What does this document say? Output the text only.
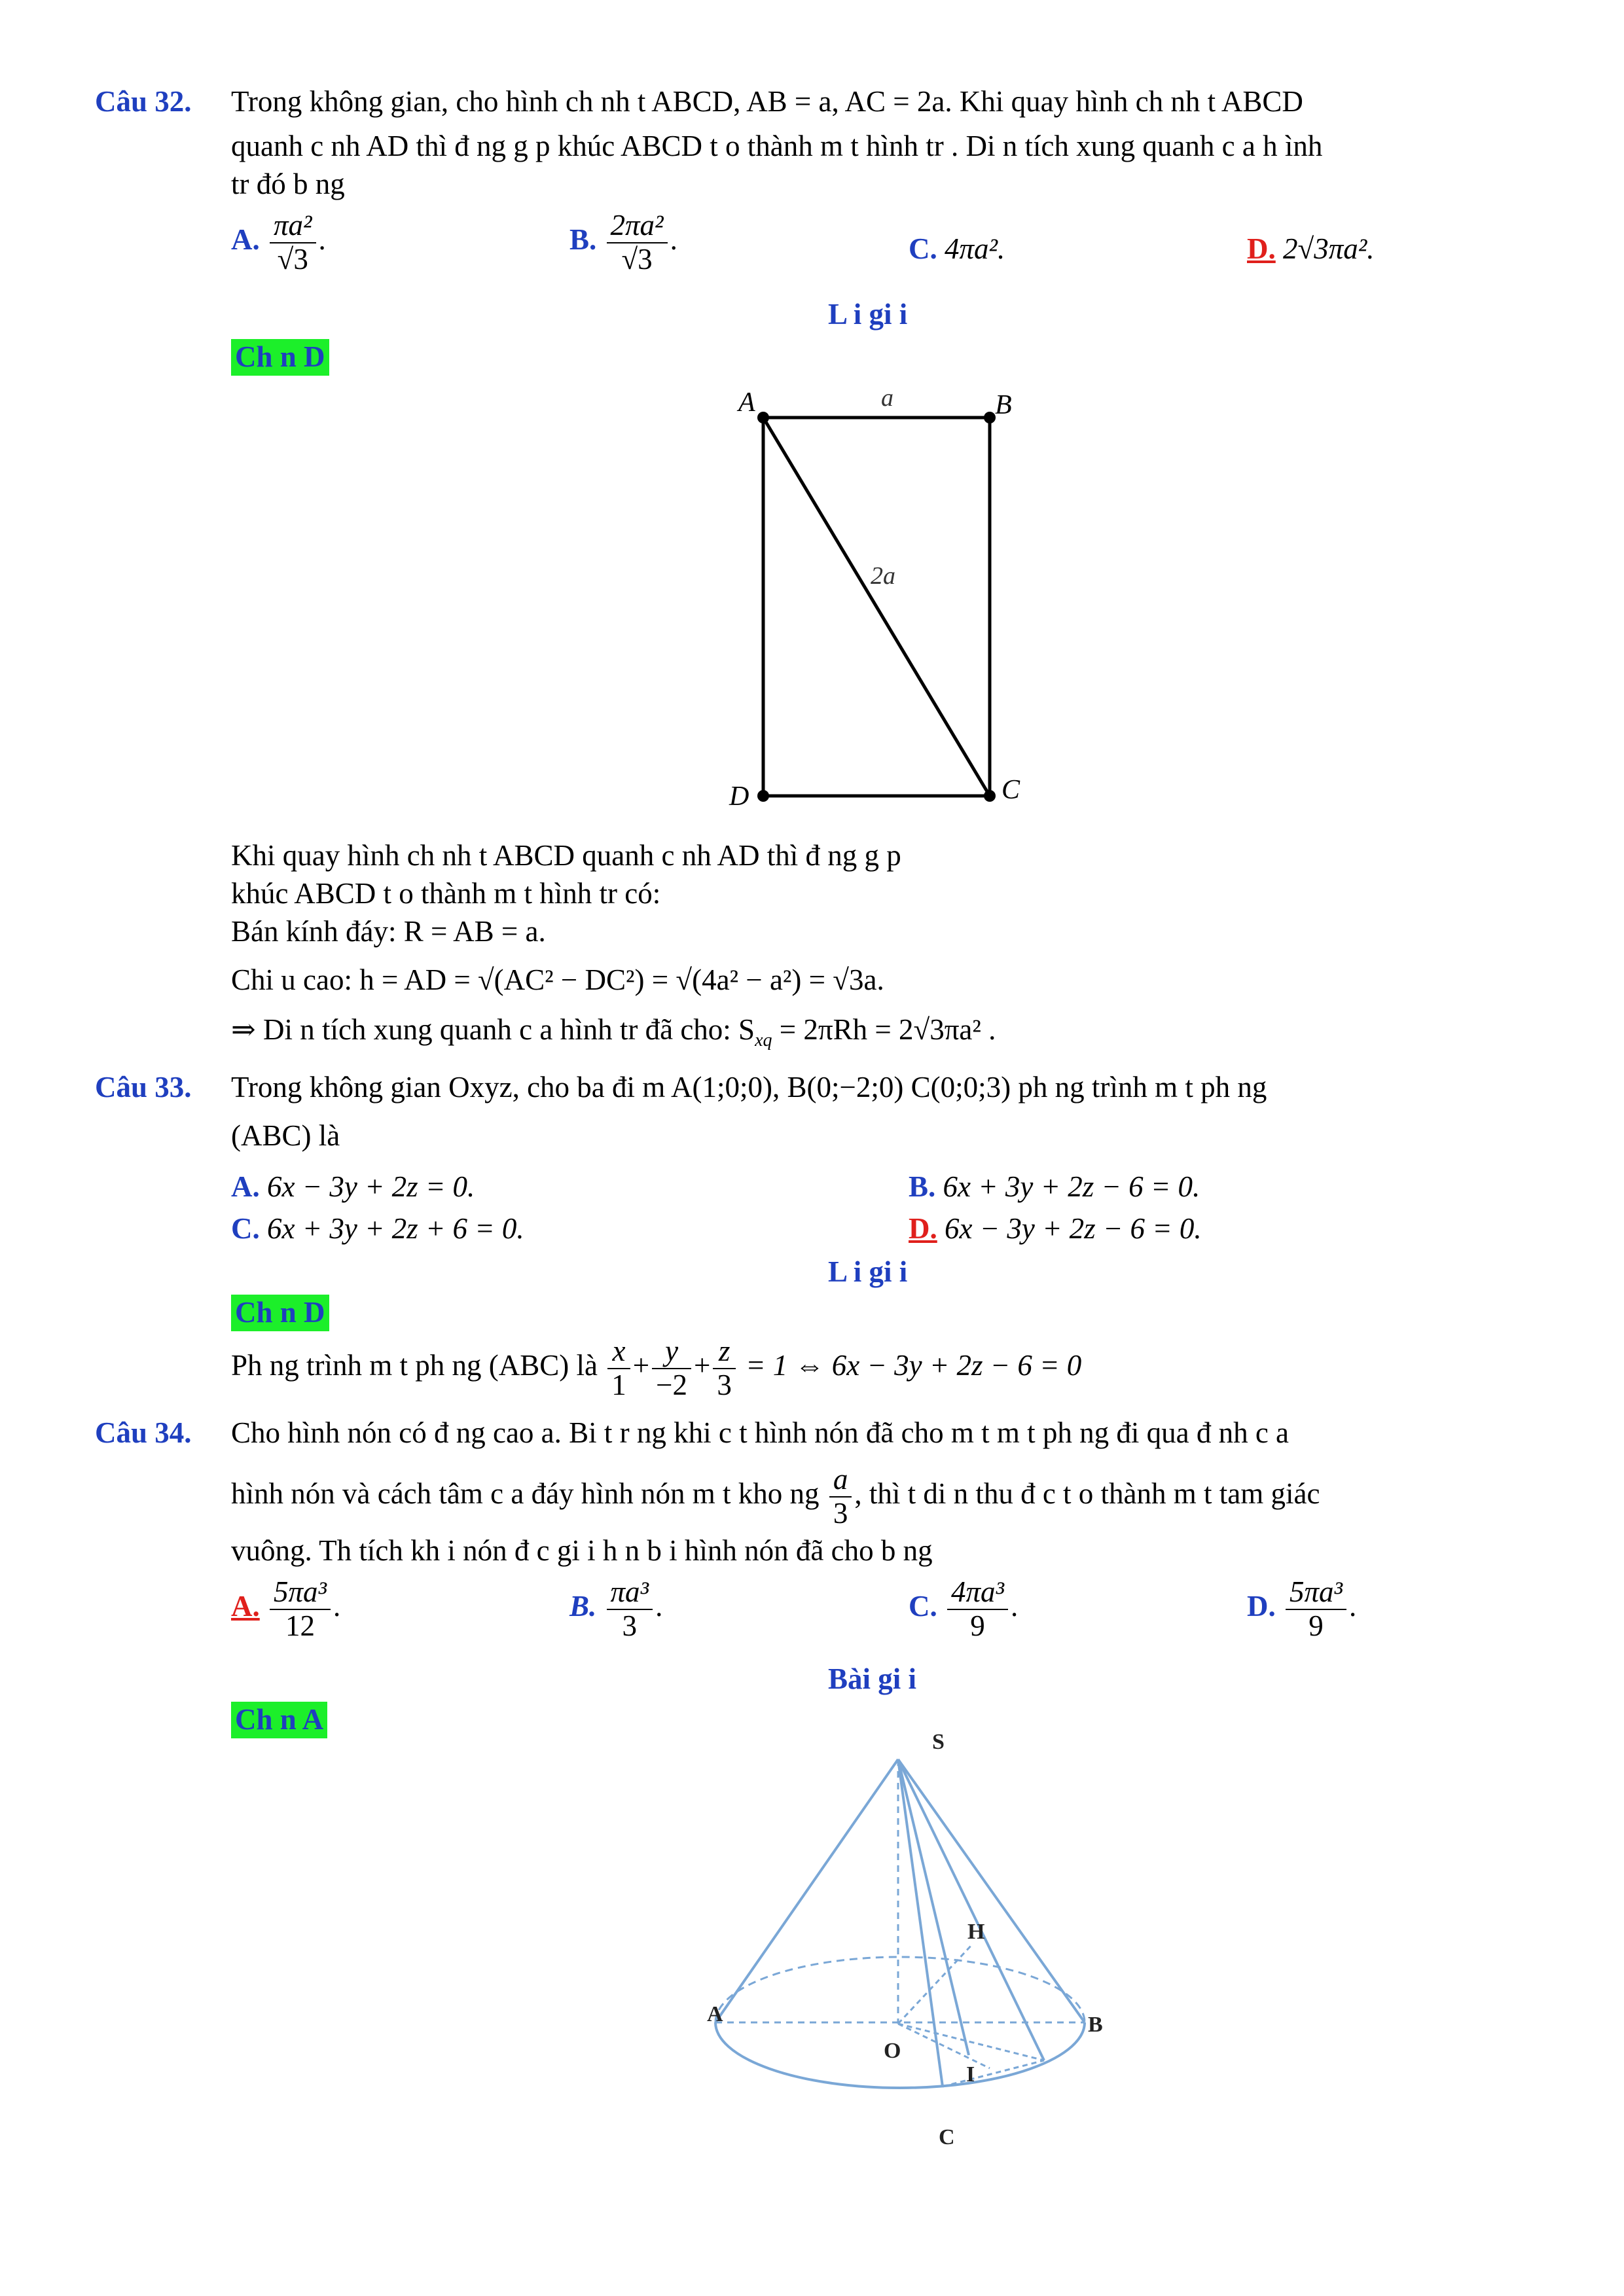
Câu 32. Trong không gian, cho hình ch nh t ABCD, AB = a, AC = 2a. Khi quay hình ch nh t ABCD
quanh c nh AD thì đ ng g p khúc ABCD t o thành m t hình tr . Di n tích xung quanh c a h ình
tr đó b ng
A. $\frac{\text{πa²}}{√3}$ .	B. $\frac{\text{2πa²}}{√3}$ .	C. 4πa².	D. 2√3πa².
L i gi i
Ch n D
A	B
C
D
a
2a
Khi quay hình ch nh t ABCD quanh c nh AD thì đ ng g p
khúc ABCD t o thành m t hình tr có:
Bán kính đáy: R = AB = a.
Chi u cao: h = AD = √(AC² − DC²) = √(4a² − a²) = √3a.
⇒ Di n tích xung quanh c a hình tr đã cho: $S_{xq} = 2\pi Rh = 2√3\pi a^2$ .
Câu 33. Trong không gian Oxyz, cho ba đi m A(1;0;0), B(0;−2;0) C(0;0;3) ph ng trình m t ph ng
(ABC) là
A. 6x − 3y + 2z = 0.	B. 6x + 3y + 2z − 6 = 0.
C. 6x + 3y + 2z + 6 = 0.	D. 6x − 3y + 2z − 6 = 0.
L i gi i
Ch n D
Ph ng trình m t ph ng (ABC) là $\frac{x}{1} + \frac{y}{-2} + \frac{z}{3} = 1$ ⇔ 6x − 3y + 2z − 6 = 0
Câu 34. Cho hình nón có đ ng cao a. Bi t r ng khi c t hình nón đã cho m t m t ph ng đi qua đ nh c a
hình nón và cách tâm c a đáy hình nón m t kho ng $\frac{a}{3}$ , thì t di n thu đ c t o thành m t tam giác
vuông. Th tích kh i nón đ c gi i h n b i hình nón đã cho b ng
A. $\frac{\text{5πa³}}{12}$ .	B. $\frac{\text{πa³}}{3}$ .	C. $\frac{\text{4πa³}}{9}$ .	D. $\frac{\text{5πa³}}{9}$ .
Bài gi i
Ch n A
S
H
A	B
O
I
C
